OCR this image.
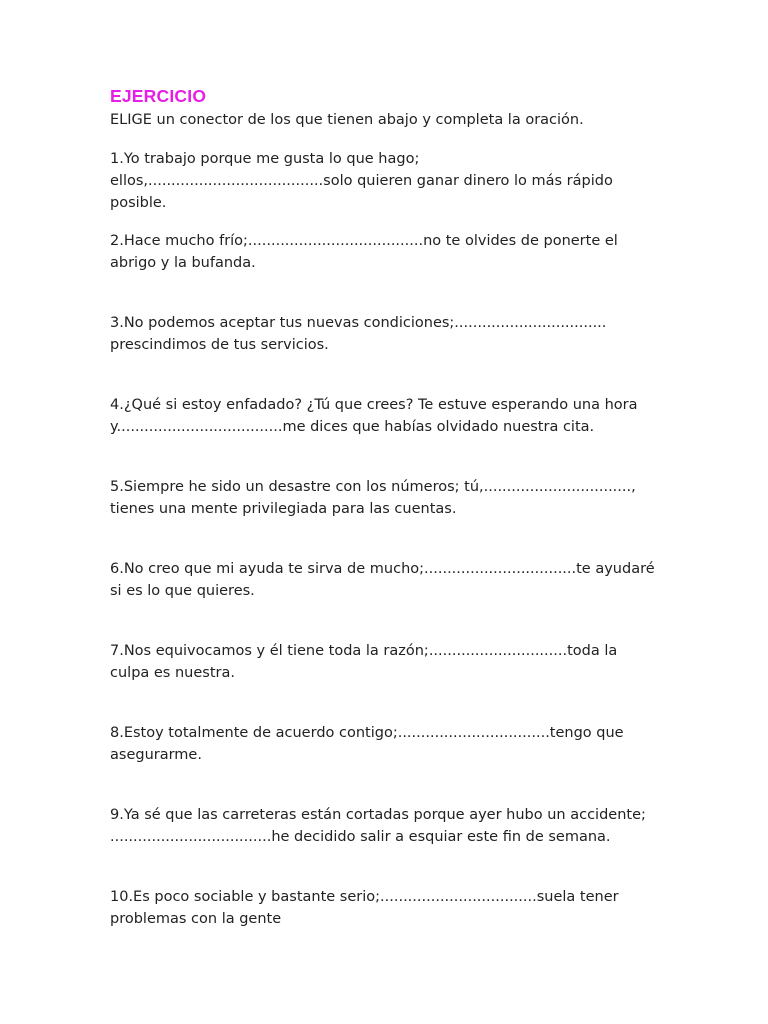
EJERCICIO

ELIGE un conector de los que tienen abajo y completa la oración.

1.Yo trabajo porque me gusta lo que hago; ellos,......................................solo quieren ganar dinero lo más rápido posible.

2.Hace mucho frío;......................................no te olvides de ponerte el abrigo y la bufanda.

3.No podemos aceptar tus nuevas condiciones;................................. prescindimos de tus servicios.

4.¿Qué si estoy enfadado? ¿Tú que crees? Te estuve esperando una hora y....................................me dices que habías olvidado nuestra cita.

5.Siempre he sido un desastre con los números; tú,................................, tienes una mente privilegiada para las cuentas.

6.No creo que mi ayuda te sirva de mucho;.................................te ayudaré si es lo que quieres.

7.Nos equivocamos y él tiene toda la razón;..............................toda la culpa es nuestra.

8.Estoy totalmente de acuerdo contigo;.................................tengo que asegurarme.

9.Ya sé que las carreteras están cortadas porque ayer hubo un accidente; ...................................he decidido salir a esquiar este fin de semana.

10.Es poco sociable y bastante serio;..................................suela tener problemas con la gente
